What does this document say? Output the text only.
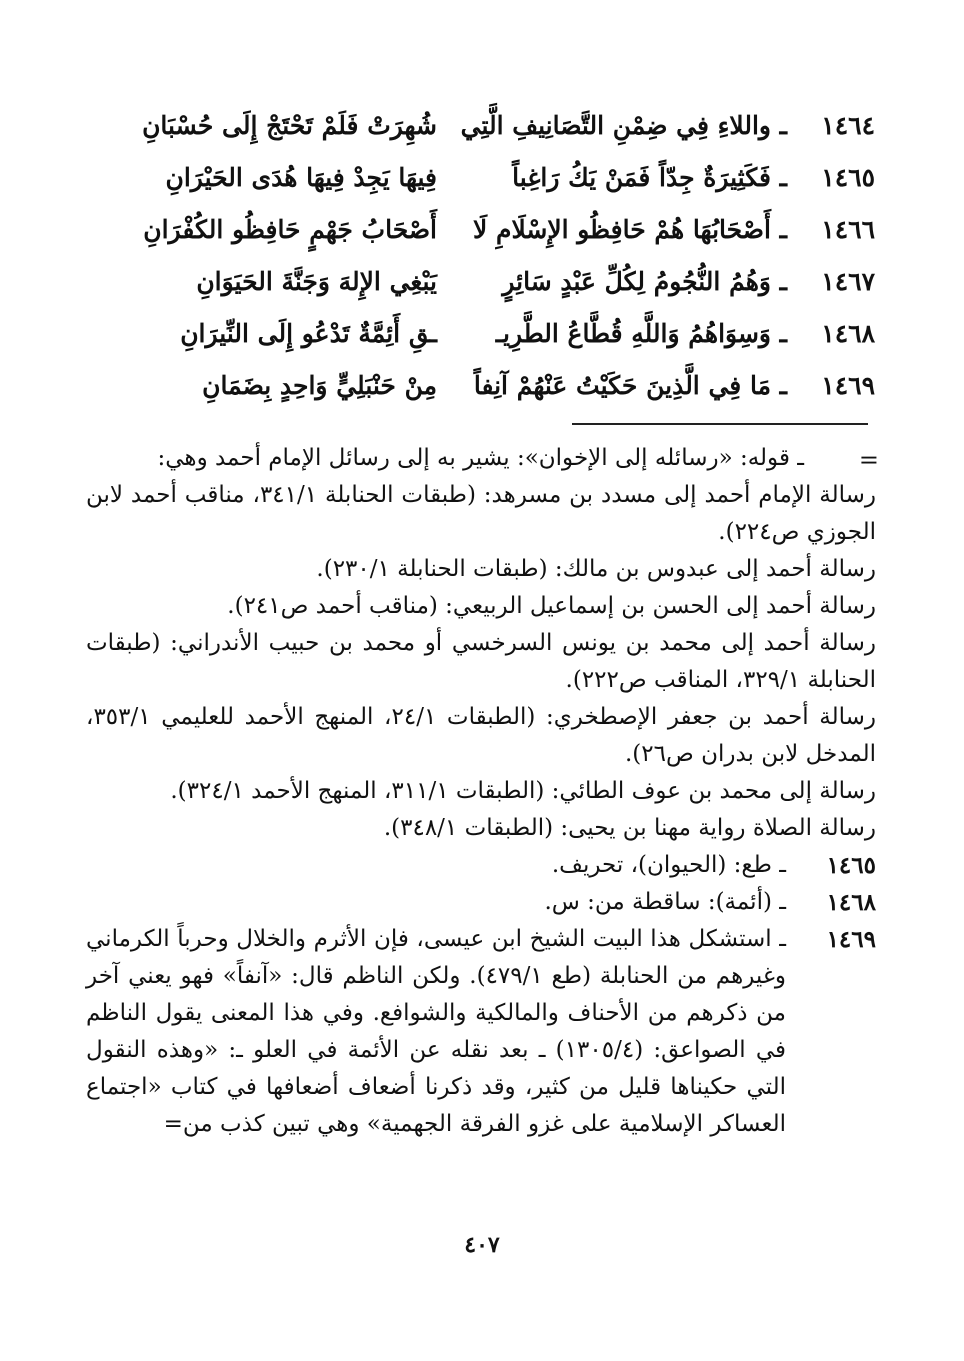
١٤٦٤
ـ واللاءِ فِي ضِمْنِ التَّصَانِيفِ الَّتِي
شُهِرَتْ فَلَمْ تَحْتَجْ إِلَى حُسْبَانِ
١٤٦٥
ـ فَكَثِيرَةٌ جِدّاً فَمَنْ يَكُ رَاغِباً
فِيهَا يَجِدْ فِيهَا هُدَى الحَيْرَانِ
١٤٦٦
ـ أَصْحَابُهَا هُمْ حَافِظُو الإِسْلَامِ لَا
أَصْحَابُ جَهْمٍ حَافِظُو الكُفْرَانِ
١٤٦٧
ـ وَهُمُ النُّجُومُ لِكُلِّ عَبْدٍ سَائِرٍ
يَبْغِي الإِلهَ وَجَنَّةَ الحَيَوَانِ
١٤٦٨
ـ وَسِوَاهُمُ وَاللَّهِ قُطَّاعُ الطَّرِيـ
ـقِ أَئِمَّةٌ تَدْعُو إِلَى النِّيرَانِ
١٤٦٩
ـ مَا فِي الَّذِينَ حَكَيْتُ عَنْهُمْ آنِفاً
مِنْ حَنْبَلِيٍّ وَاحِدٍ بِضَمَانِ
=

ـ قوله: «رسائله إلى الإخوان»: يشير به إلى رسائل الإمام أحمد وهي:

رسالة الإمام أحمد إلى مسدد بن مسرهد: (طبقات الحنابلة ٣٤١/١، مناقب أحمد لابن الجوزي ص٢٢٤).

رسالة أحمد إلى عبدوس بن مالك: (طبقات الحنابلة ٢٣٠/١).

رسالة أحمد إلى الحسن بن إسماعيل الربيعي: (مناقب أحمد ص٢٤١).

رسالة أحمد إلى محمد بن يونس السرخسي أو محمد بن حبيب الأندراني: (طبقات الحنابلة ٣٢٩/١، المناقب ص٢٢٢).

رسالة أحمد بن جعفر الإصطخري: (الطبقات ٢٤/١، المنهج الأحمد للعليمي ٣٥٣/١، المدخل لابن بدران ص٢٦).

رسالة إلى محمد بن عوف الطائي: (الطبقات ٣١١/١، المنهج الأحمد ٣٢٤/١).

رسالة الصلاة رواية مهنا بن يحيى: (الطبقات ٣٤٨/١).

١٤٦٥
ـ طع: (الحيوان)، تحريف.
١٤٦٨
ـ (أئمة): ساقطة من: س.
١٤٦٩
ـ استشكل هذا البيت الشيخ ابن عيسى، فإن الأثرم والخلال وحرباً الكرماني وغيرهم من الحنابلة (طع ٤٧٩/١). ولكن الناظم قال: «آنفاً» فهو يعني آخر من ذكرهم من الأحناف والمالكية والشوافع. وفي هذا المعنى يقول الناظم في الصواعق: (١٣٠٥/٤) ـ بعد نقله عن الأئمة في العلو ـ: «وهذه النقول التي حكيناها قليل من كثير، وقد ذكرنا أضعاف أضعافها في كتاب «اجتماع العساكر الإسلامية على غزو الفرقة الجهمية» وهي تبين كذب من=
٤٠٧
